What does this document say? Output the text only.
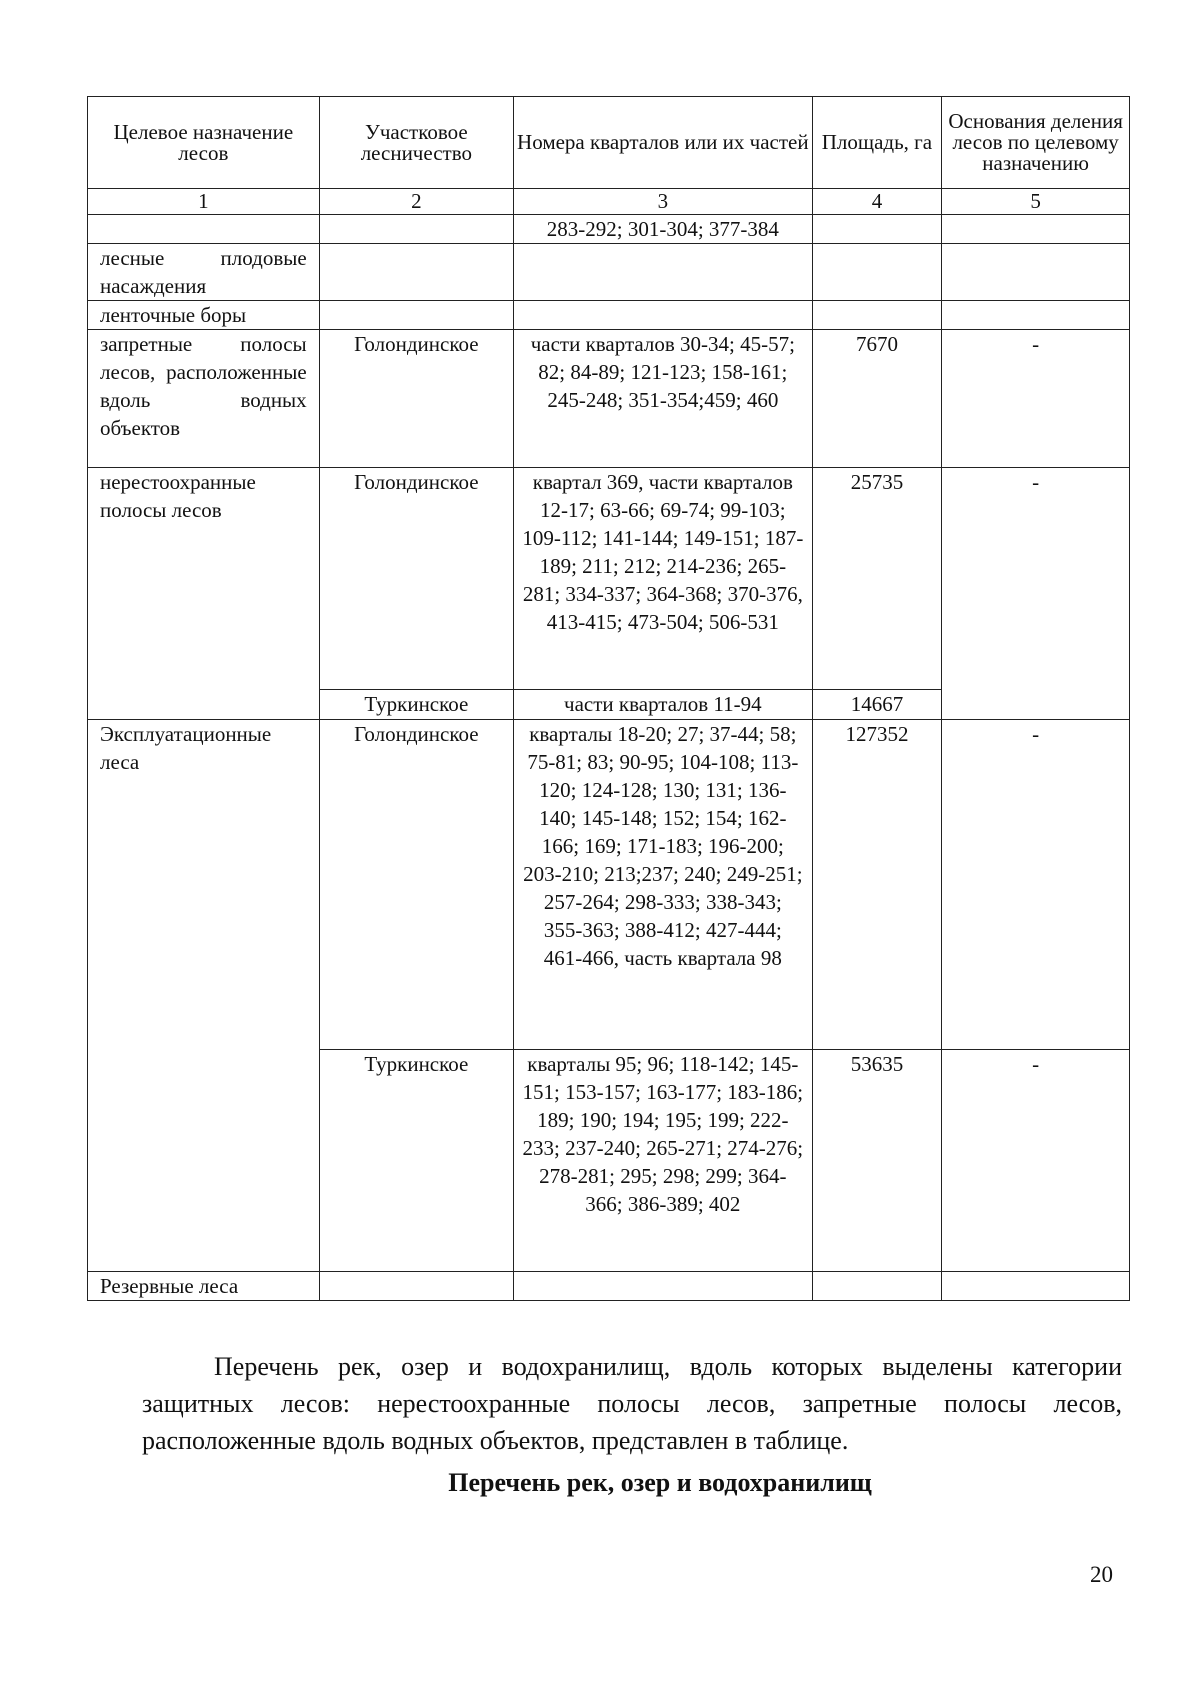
Целевое назначение лесов	Участковое лесничество	Номера кварталов или их частей	Площадь, га	Основания деления лесов по целевому назначению
1	2	3	4	5
		283-292; 301-304; 377-384		
лесные плодовые насаждения				
ленточные боры				
запретные полосы лесов, расположенные вдоль водных объектов	Голондинское	части кварталов 30-34; 45-57; 82; 84-89; 121-123; 158-161; 245-248; 351-354;459; 460	7670	-
нерестоохранные полосы лесов	Голондинское	квартал 369, части кварталов 12-17; 63-66; 69-74; 99-103; 109-112; 141-144; 149-151; 187-189; 211; 212; 214-236; 265-281; 334-337; 364-368; 370-376, 413-415; 473-504; 506-531	25735	-
	Туркинское	части кварталов 11-94	14667	
Эксплуатационные леса	Голондинское	кварталы 18-20; 27; 37-44; 58; 75-81; 83; 90-95; 104-108; 113-120; 124-128; 130; 131; 136-140; 145-148; 152; 154; 162-166; 169; 171-183; 196-200; 203-210; 213;237; 240; 249-251; 257-264; 298-333; 338-343; 355-363; 388-412; 427-444; 461-466, часть квартала 98	127352	-
	Туркинское	кварталы 95; 96; 118-142; 145-151; 153-157; 163-177; 183-186; 189; 190; 194; 195; 199; 222-233; 237-240; 265-271; 274-276; 278-281; 295; 298; 299; 364-366; 386-389; 402	53635	-
Резервные леса				

Перечень рек, озер и водохранилищ, вдоль которых выделены категории защитных лесов: нерестоохранные полосы лесов, запретные полосы лесов, расположенные вдоль водных объектов, представлен в таблице.

Перечень рек, озер и водохранилищ

20
